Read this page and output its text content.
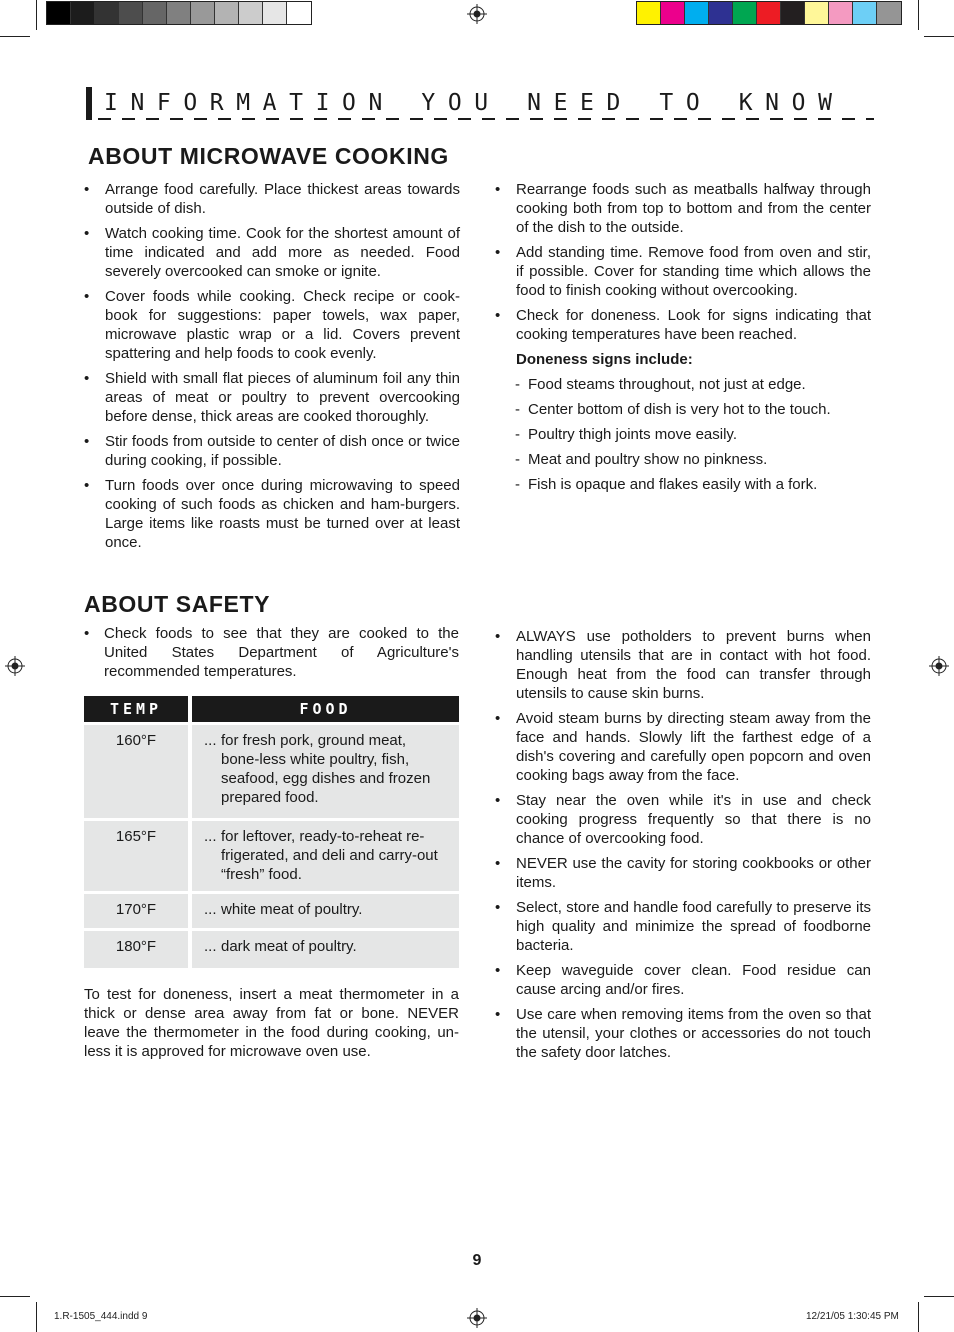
INFORMATION YOU NEED TO KNOW
ABOUT MICROWAVE COOKING
• Arrange food carefully. Place thickest areas towards outside of dish.
• Watch cooking time. Cook for the shortest amount of time indicated and add more as needed. Food severely overcooked can smoke or ignite.
• Cover foods while cooking. Check recipe or cook-book for suggestions: paper towels, wax paper, microwave plastic wrap or a lid. Covers prevent spattering and help foods to cook evenly.
• Shield with small flat pieces of aluminum foil any thin areas of meat or poultry to prevent overcooking before dense, thick areas are cooked thoroughly.
• Stir foods from outside to center of dish once or twice during cooking, if possible.
• Turn foods over once during microwaving to speed cooking of such foods as chicken and ham-burgers. Large items like roasts must be turned over at least once.
• Rearrange foods such as meatballs halfway through cooking both from top to bottom and from the center of the dish to the outside.
• Add standing time. Remove food from oven and stir, if possible. Cover for standing time which allows the food to finish cooking without overcooking.
• Check for doneness. Look for signs indicating that cooking temperatures have been reached.
Doneness signs include:
- Food steams throughout, not just at edge.
- Center bottom of dish is very hot to the touch.
- Poultry thigh joints move easily.
- Meat and poultry show no pinkness.
- Fish is opaque and flakes easily with a fork.
ABOUT SAFETY
• Check foods to see that they are cooked to the United States Department of Agriculture's recommended temperatures.
TEMP	FOOD
160°F	... for fresh pork, ground meat, bone-less white poultry, fish, seafood, egg dishes and frozen prepared food.
165°F	... for leftover, ready-to-reheat re-frigerated, and deli and carry-out “fresh” food.
170°F	... white meat of poultry.
180°F	... dark meat of poultry.
To test for doneness, insert a meat thermometer in a thick or dense area away from fat or bone. NEVER leave the thermometer in the food during cooking, un-less it is approved for microwave oven use.
• ALWAYS use potholders to prevent burns when handling utensils that are in contact with hot food. Enough heat from the food can transfer through utensils to cause skin burns.
• Avoid steam burns by directing steam away from the face and hands. Slowly lift the farthest edge of a dish's covering and carefully open popcorn and oven cooking bags away from the face.
• Stay near the oven while it's in use and check cooking progress frequently so that there is no chance of overcooking food.
• NEVER use the cavity for storing cookbooks or other items.
• Select, store and handle food carefully to preserve its high quality and minimize the spread of foodborne bacteria.
• Keep waveguide cover clean. Food residue can cause arcing and/or fires.
• Use care when removing items from the oven so that the utensil, your clothes or accessories do not touch the safety door latches.
9
1.R-1505_444.indd 9	12/21/05 1:30:45 PM
